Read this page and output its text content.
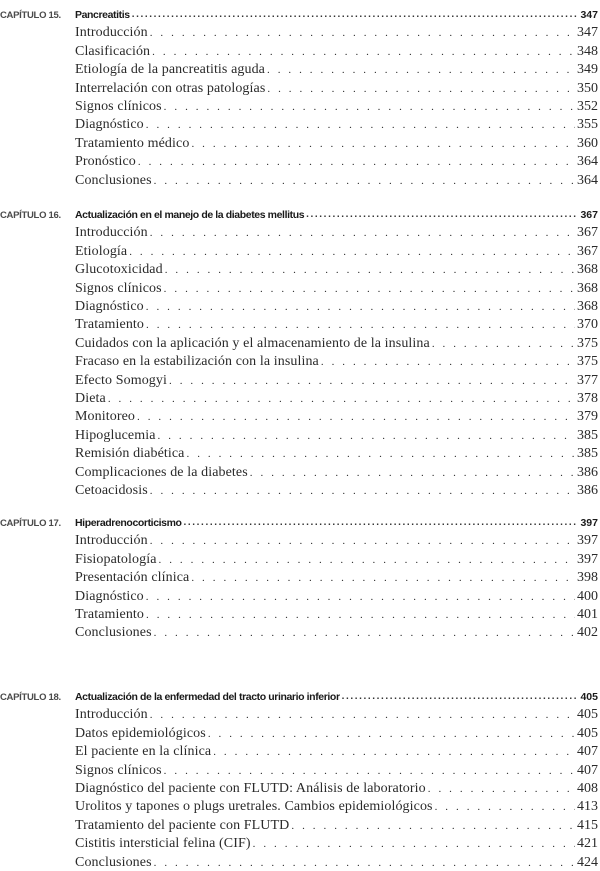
CAPÍTULO 15.	Pancreatitis .....	347
Introducción . . .	347
Clasificación . . .	348
Etiología de la pancreatitis aguda . . .	349
Interrelación con otras patologías . . .	350
Signos clínicos . . .	352
Diagnóstico . . .	355
Tratamiento médico . . .	360
Pronóstico . . .	364
Conclusiones . . .	364
CAPÍTULO 16.	Actualización en el manejo de la diabetes mellitus .....	367
Introducción . . .	367
Etiología . . .	367
Glucotoxicidad . . .	368
Signos clínicos . . .	368
Diagnóstico . . .	368
Tratamiento . . .	370
Cuidados con la aplicación y el almacenamiento de la insulina . . .	375
Fracaso en la estabilización con la insulina . . .	375
Efecto Somogyi . . .	377
Dieta . . .	378
Monitoreo . . .	379
Hipoglucemia . . .	385
Remisión diabética . . .	385
Complicaciones de la diabetes . . .	386
Cetoacidosis . . .	386
CAPÍTULO 17.	Hiperadrenocorticismo .....	397
Introducción . . .	397
Fisiopatología . . .	397
Presentación clínica . . .	398
Diagnóstico . . .	400
Tratamiento . . .	401
Conclusiones . . .	402
CAPÍTULO 18.	Actualización de la enfermedad del tracto urinario inferior .....	405
Introducción . . .	405
Datos epidemiológicos . . .	405
El paciente en la clínica . . .	407
Signos clínicos . . .	407
Diagnóstico del paciente con FLUTD: Análisis de laboratorio . . .	408
Urolitos y tapones o plugs uretrales. Cambios epidemiológicos . . .	413
Tratamiento del paciente con FLUTD . . .	415
Cistitis intersticial felina (CIF) . . .	421
Conclusiones . . .	424
